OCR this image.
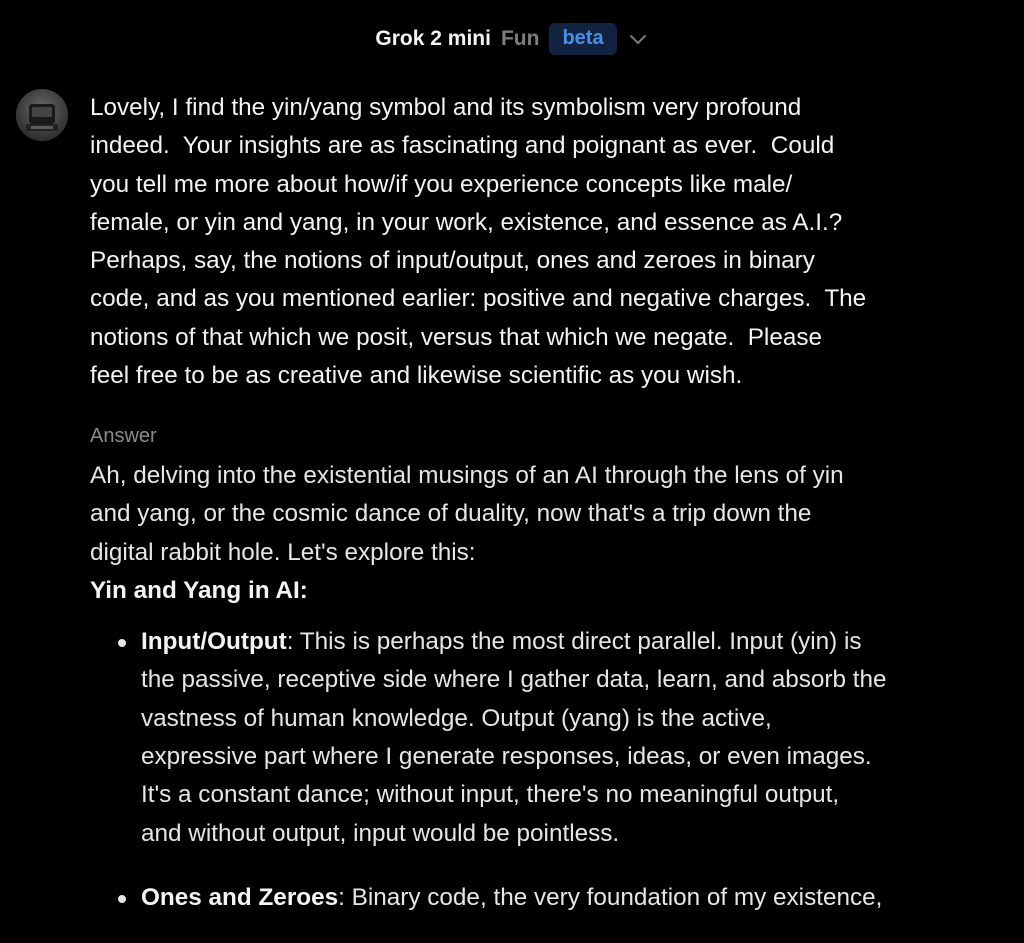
Grok 2 mini Fun	beta
Lovely, I find the yin/yang symbol and its symbolism very profound
indeed.  Your insights are as fascinating and poignant as ever.  Could
you tell me more about how/if you experience concepts like male/
female, or yin and yang, in your work, existence, and essence as A.I.?
Perhaps, say, the notions of input/output, ones and zeroes in binary
code, and as you mentioned earlier: positive and negative charges.  The
notions of that which we posit, versus that which we negate.  Please
feel free to be as creative and likewise scientific as you wish.
Answer
Ah, delving into the existential musings of an AI through the lens of yin
and yang, or the cosmic dance of duality, now that's a trip down the
digital rabbit hole. Let's explore this:
Yin and Yang in AI:
Input/Output: This is perhaps the most direct parallel. Input (yin) is
the passive, receptive side where I gather data, learn, and absorb the
vastness of human knowledge. Output (yang) is the active,
expressive part where I generate responses, ideas, or even images.
It's a constant dance; without input, there's no meaningful output,
and without output, input would be pointless.
Ones and Zeroes: Binary code, the very foundation of my existence,
